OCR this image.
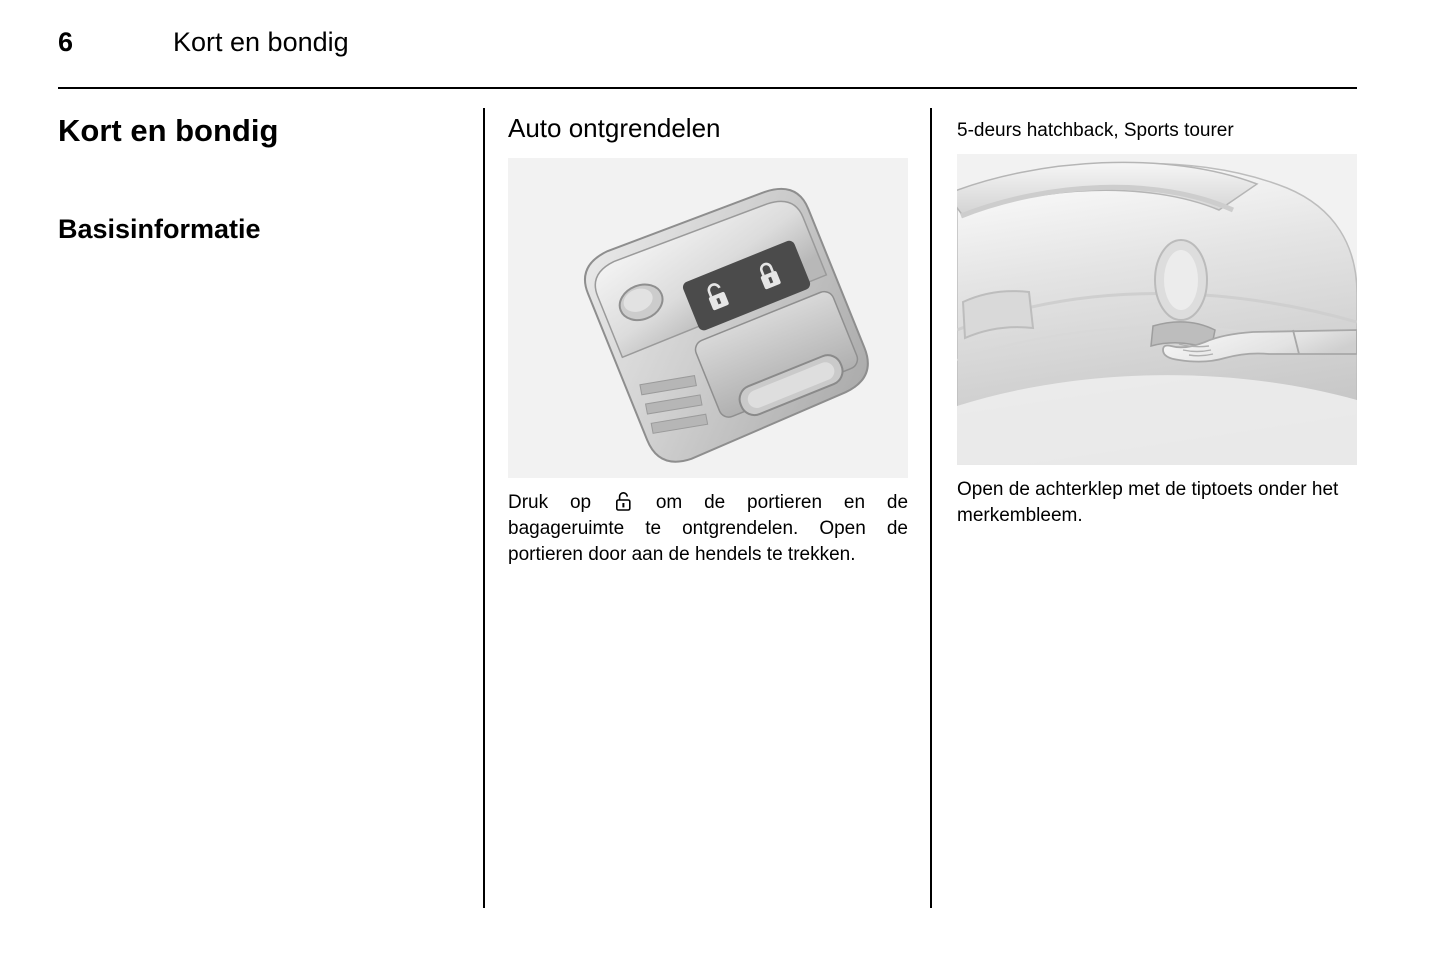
6	Kort en bondig
Kort en bondig
Basisinformatie
Auto ontgrendelen

Druk op	om de portieren en de bagageruimte te ontgrendelen. Open de portieren door aan de hendels te trekken.

5-deurs hatchback, Sports tourer

Open de achterklep met de tiptoets onder het merkembleem.
